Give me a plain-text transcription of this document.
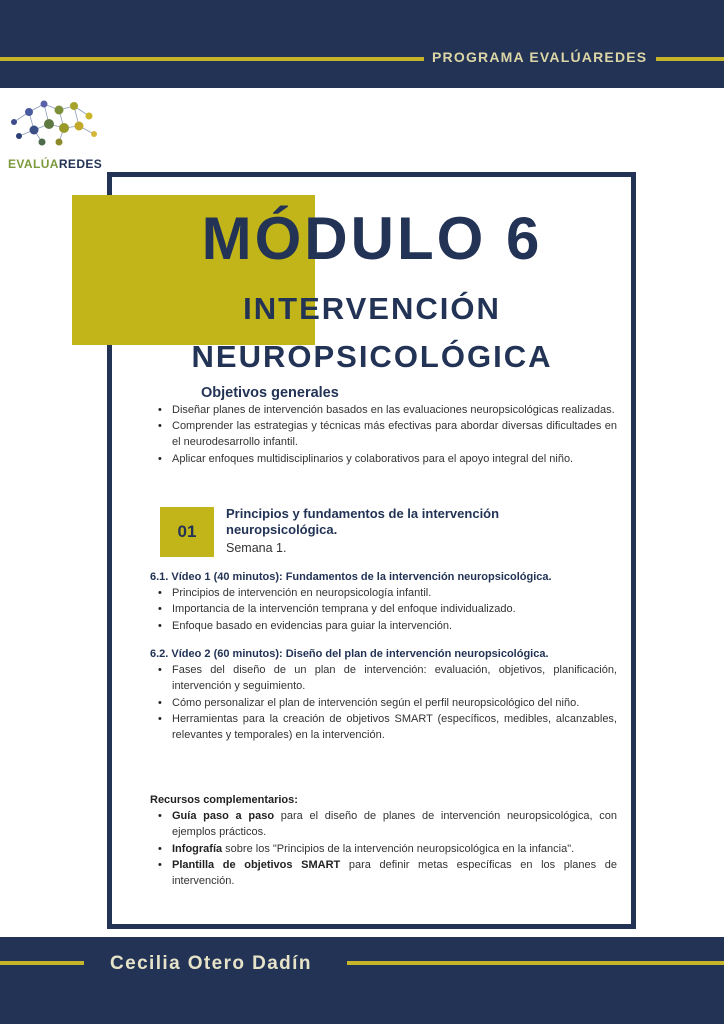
PROGRAMA EVALÚAREDES
EVALÚAREDES
MÓDULO 6
INTERVENCIÓN
NEUROPSICOLÓGICA
Objetivos generales
• Diseñar planes de intervención basados en las evaluaciones neuropsicológicas realizadas.
• Comprender las estrategias y técnicas más efectivas para abordar diversas dificultades en el neurodesarrollo infantil.
• Aplicar enfoques multidisciplinarios y colaborativos para el apoyo integral del niño.
01
Principios y fundamentos de la intervención neuropsicológica.
Semana 1.
6.1. Vídeo 1 (40 minutos): Fundamentos de la intervención neuropsicológica.
• Principios de intervención en neuropsicología infantil.
• Importancia de la intervención temprana y del enfoque individualizado.
• Enfoque basado en evidencias para guiar la intervención.
6.2. Vídeo 2 (60 minutos): Diseño del plan de intervención neuropsicológica.
• Fases del diseño de un plan de intervención: evaluación, objetivos, planificación, intervención y seguimiento.
• Cómo personalizar el plan de intervención según el perfil neuropsicológico del niño.
• Herramientas para la creación de objetivos SMART (específicos, medibles, alcanzables, relevantes y temporales) en la intervención.
Recursos complementarios:
• Guía paso a paso para el diseño de planes de intervención neuropsicológica, con ejemplos prácticos.
• Infografía sobre los "Principios de la intervención neuropsicológica en la infancia".
• Plantilla de objetivos SMART para definir metas específicas en los planes de intervención.
Cecilia Otero Dadín
